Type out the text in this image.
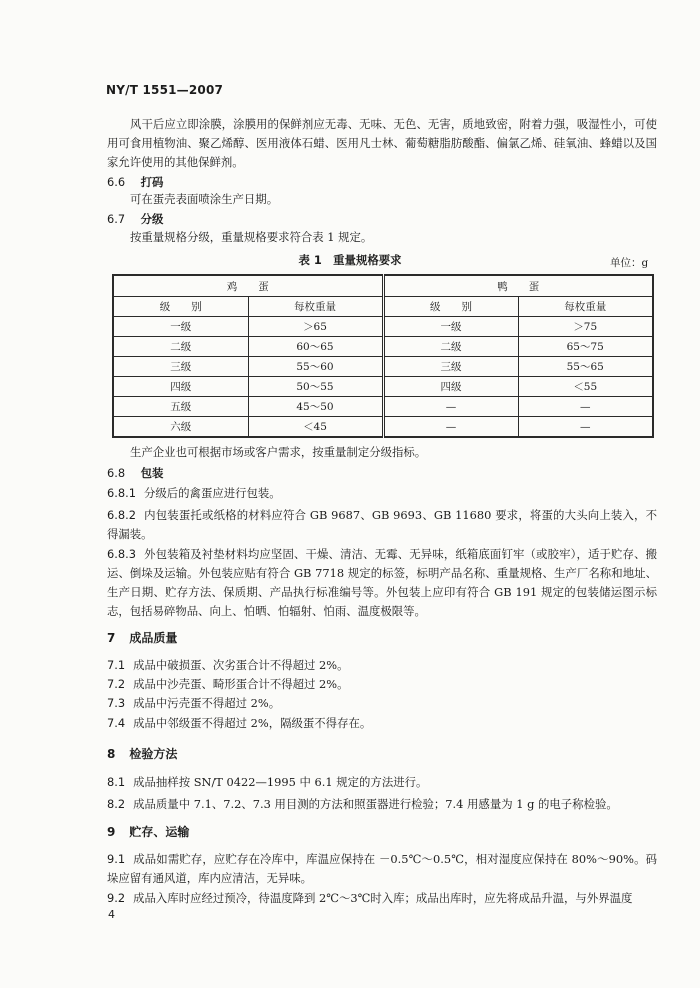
NY/T 1551—2007
风干后应立即涂膜，涂膜用的保鲜剂应无毒、无味、无色、无害，质地致密，附着力强，吸湿性小，可使用可食用植物油、聚乙烯醇、医用液体石蜡、医用凡士林、葡萄糖脂肪酸酯、偏氯乙烯、硅氧油、蜂蜡以及国家允许使用的其他保鲜剂。
6.6 打码
可在蛋壳表面喷涂生产日期。
6.7 分级
按重量规格分级，重量规格要求符合表 1 规定。
表 1　重量规格要求	单位：g
鸡　　蛋		鸭　　蛋	
级　　别	每枚重量	级　　别	每枚重量
一级	＞65	一级	＞75
二级	60～65	二级	65～75
三级	55～60	三级	55～65
四级	50～55	四级	＜55
五级	45～50	—	—
六级	＜45	—	—
生产企业也可根据市场或客户需求，按重量制定分级指标。
6.8 包装
6.8.1 分级后的禽蛋应进行包装。
6.8.2 内包装蛋托或纸格的材料应符合 GB 9687、GB 9693、GB 11680 要求，将蛋的大头向上装入，不得漏装。
6.8.3 外包装箱及衬垫材料均应坚固、干燥、清洁、无霉、无异味，纸箱底面钉牢（或胶牢），适于贮存、搬运、倒垛及运输。外包装应贴有符合 GB 7718 规定的标签，标明产品名称、重量规格、生产厂名称和地址、生产日期、贮存方法、保质期、产品执行标准编号等。外包装上应印有符合 GB 191 规定的包装储运图示标志，包括易碎物品、向上、怕晒、怕辐射、怕雨、温度极限等。
7 成品质量
7.1 成品中破损蛋、次劣蛋合计不得超过 2%。
7.2 成品中沙壳蛋、畸形蛋合计不得超过 2%。
7.3 成品中污壳蛋不得超过 2%。
7.4 成品中邻级蛋不得超过 2%，隔级蛋不得存在。
8 检验方法
8.1 成品抽样按 SN/T 0422—1995 中 6.1 规定的方法进行。
8.2 成品质量中 7.1、7.2、7.3 用目测的方法和照蛋器进行检验；7.4 用感量为 1 g 的电子称检验。
9 贮存、运输
9.1 成品如需贮存，应贮存在冷库中，库温应保持在 －0.5℃～0.5℃，相对湿度应保持在 80%～90%。码垛应留有通风道，库内应清洁，无异味。
9.2 成品入库时应经过预冷，待温度降到 2℃～3℃时入库；成品出库时，应先将成品升温，与外界温度
4
